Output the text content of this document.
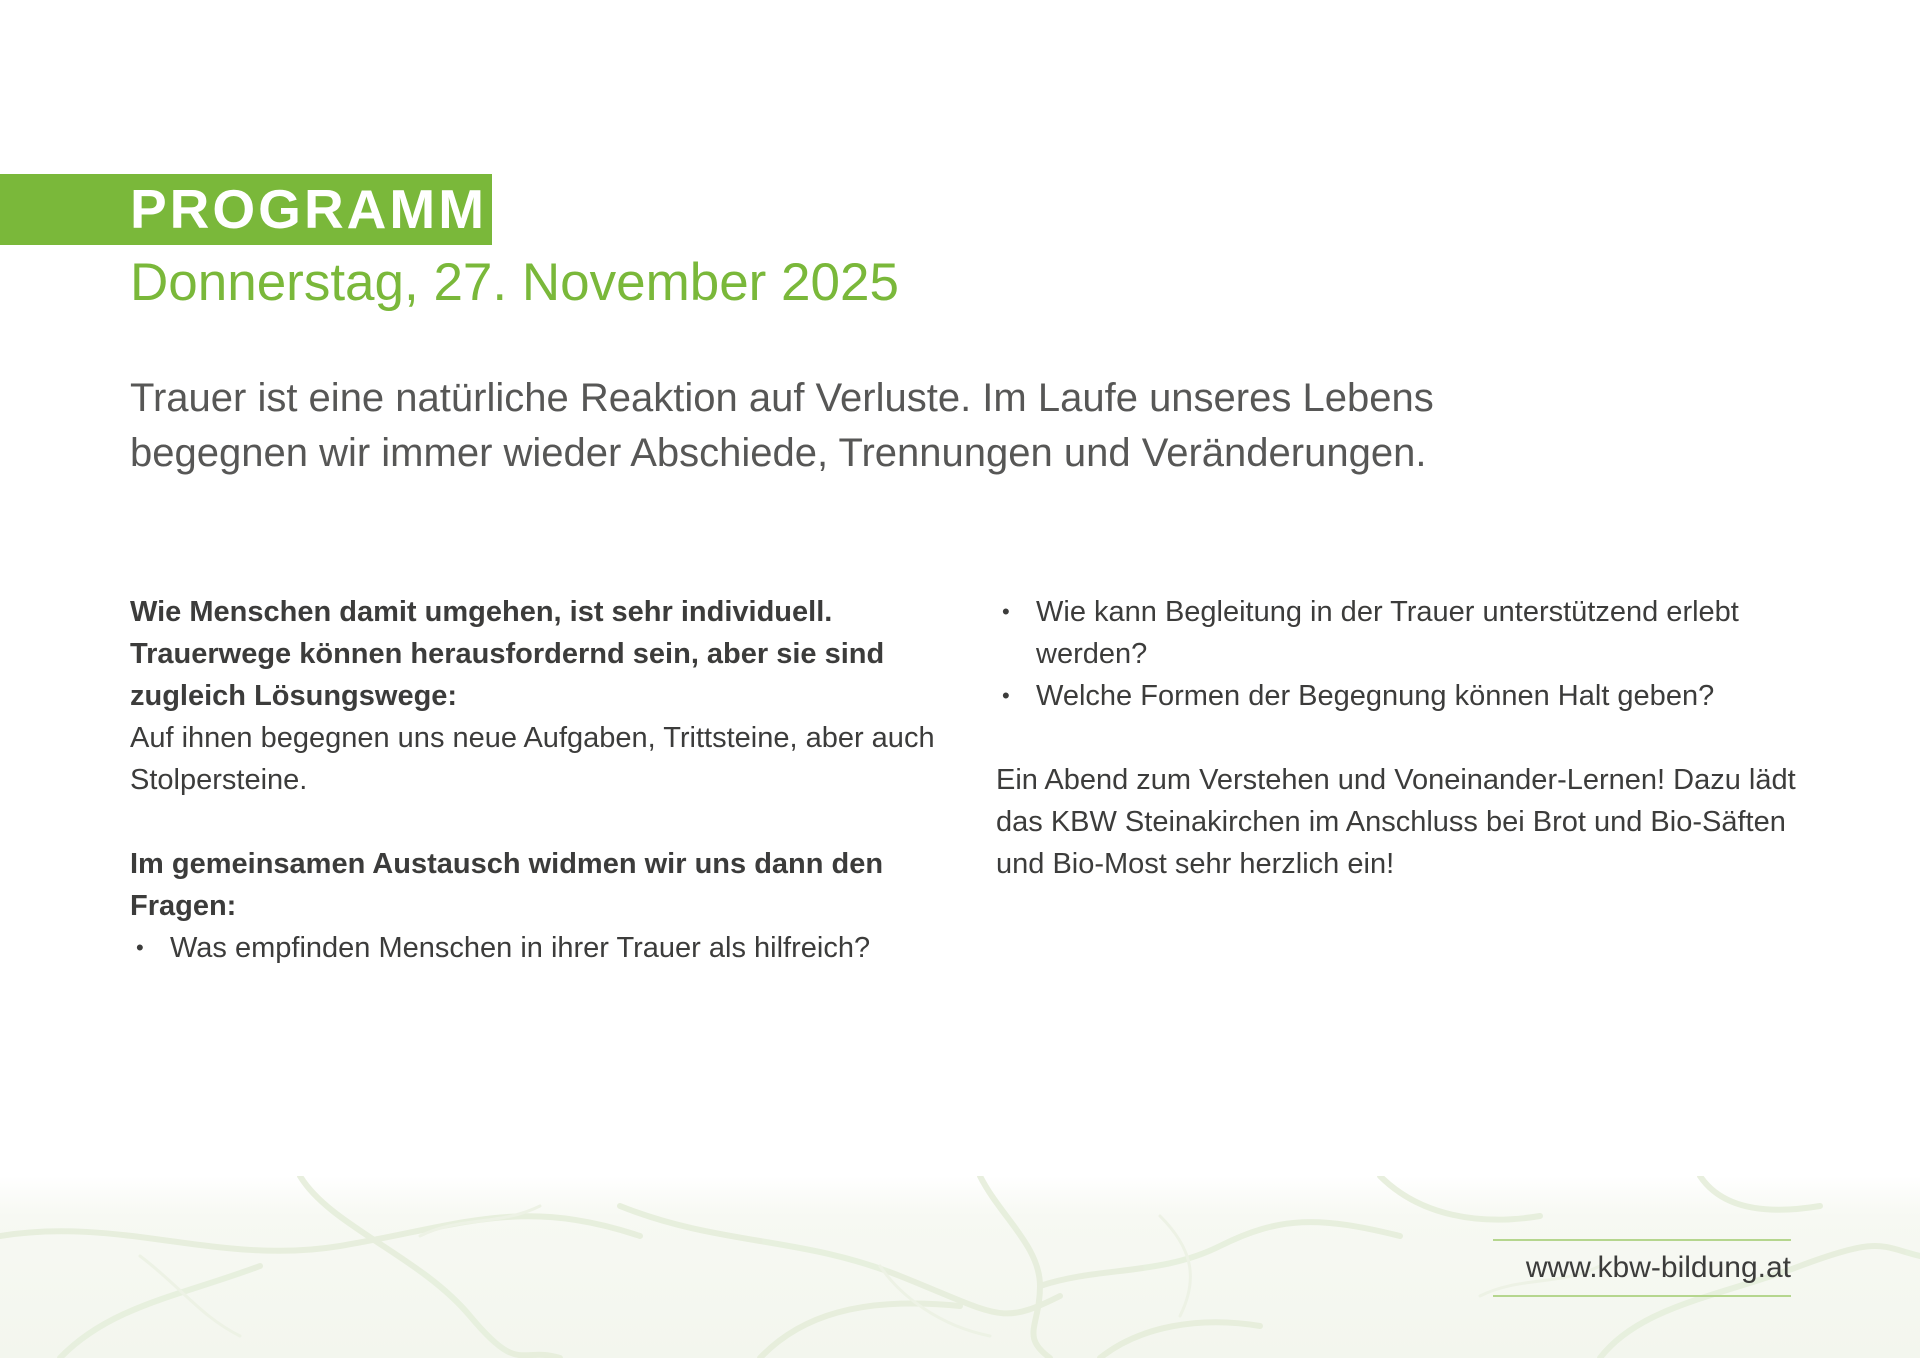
PROGRAMM
Donnerstag, 27. November 2025

Trauer ist eine natürliche Reaktion auf Verluste. Im Laufe unseres Lebens begegnen wir immer wieder Abschiede, Trennungen und Veränderungen.

Wie Menschen damit umgehen, ist sehr individuell. Trauerwege können herausfordernd sein, aber sie sind zugleich Lösungswege:

Auf ihnen begegnen uns neue Aufgaben, Trittsteine, aber auch Stolpersteine.

Im gemeinsamen Austausch widmen wir uns dann den Fragen:

• Was empfinden Menschen in ihrer Trauer als hilfreich?
• Wie kann Begleitung in der Trauer unterstützend erlebt werden?
• Welche Formen der Begegnung können Halt geben?

Ein Abend zum Verstehen und Voneinander-Lernen! Dazu lädt das KBW Steinakirchen im Anschluss bei Brot und Bio-Säften und Bio-Most sehr herzlich ein!

www.kbw-bildung.at
